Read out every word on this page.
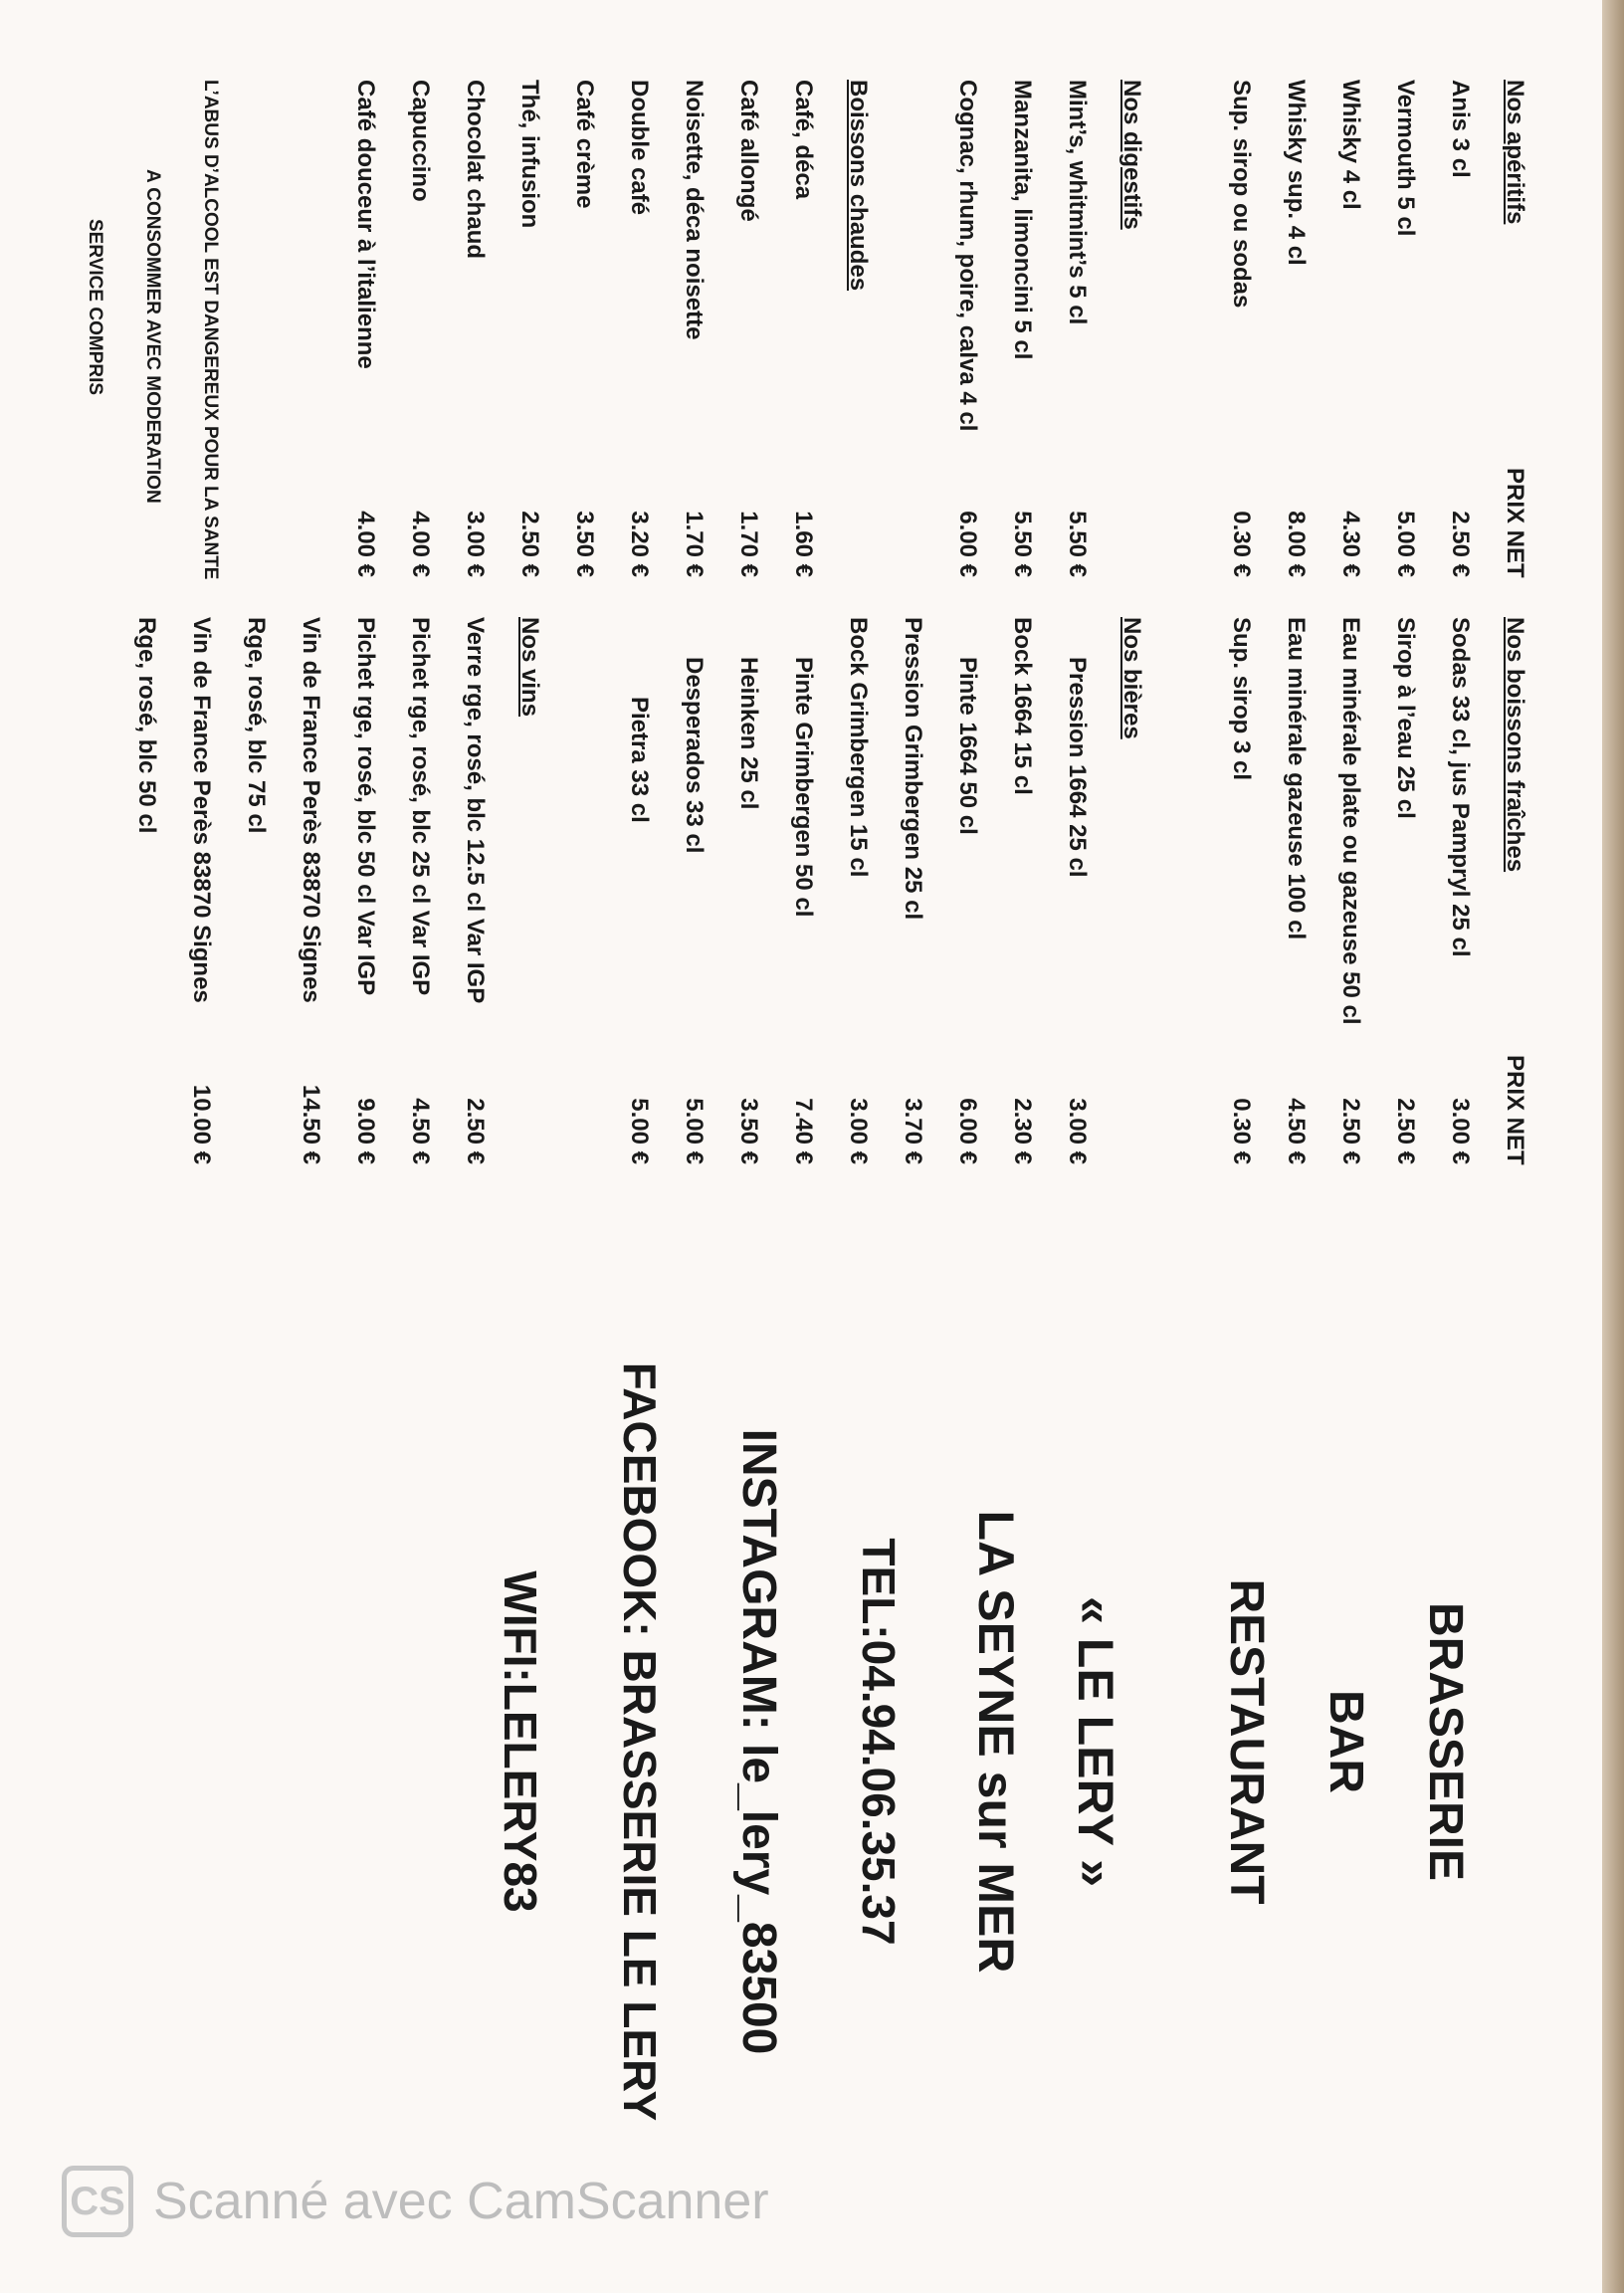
Nos apéritifs
PRIX NET
Anis 3 cl
2.50 €
Vermouth 5 cl
5.00 €
Whisky 4 cl
4.30 €
Whisky sup. 4 cl
8.00 €
Sup. sirop ou sodas
0.30 €
Nos digestifs
Mint’s, whitmint’s 5 cl
5.50 €
Manzanita, limoncini 5 cl
5.50 €
Cognac, rhum, poire, calva 4 cl
6.00 €
Boissons chaudes
Café, déca
1.60 €
Café allongé
1.70 €
Noisette, déca noisette
1.70 €
Double café
3.20 €
Café crème
3.50 €
Thé, infusion
2.50 €
Chocolat chaud
3.00 €
Capuccino
4.00 €
Café douceur à l’italienne
4.00 €
Nos boissons fraîches
PRIX NET
Sodas 33 cl, jus Pampryl 25 cl
3.00 €
Sirop à l’eau 25 cl
2.50 €
Eau minérale plate ou gazeuse 50 cl
2.50 €
Eau minérale gazeuse 100 cl
4.50 €
Sup. sirop 3 cl
0.30 €
Nos bières
Pression 1664 25 cl
3.00 €
Bock 1664 15 cl
2.30 €
Pinte 1664 50 cl
6.00 €
Pression Grimbergen 25 cl
3.70 €
Bock Grimbergen 15 cl
3.00 €
Pinte Grimbergen 50 cl
7.40 €
Heinken 25 cl
3.50 €
Desperados 33 cl
5.00 €
Pietra 33 cl
5.00 €
Nos vins
Verre rge, rosé, blc 12.5 cl Var IGP
2.50 €
Pichet rge, rosé, blc 25 cl Var IGP
4.50 €
Pichet rge, rosé, blc 50 cl Var IGP
9.00 €
Vin de France Perès 83870 Signes
14.50 €
Rge, rosé, blc 75 cl
Vin de France Perès 83870 Signes
10.00 €
Rge, rosé, blc 50 cl
L’ABUS D’ALCOOL EST DANGEREUX POUR LA SANTE
A CONSOMMER AVEC MODERATION
SERVICE COMPRIS
BRASSERIE
BAR
RESTAURANT
« LE LERY »
LA SEYNE sur MER
TEL:04.94.06.35.37
INSTAGRAM: le_lery_83500
FACEBOOK: BRASSERIE LE LERY
WIFI:LELERY83
CS Scanné avec CamScanner
